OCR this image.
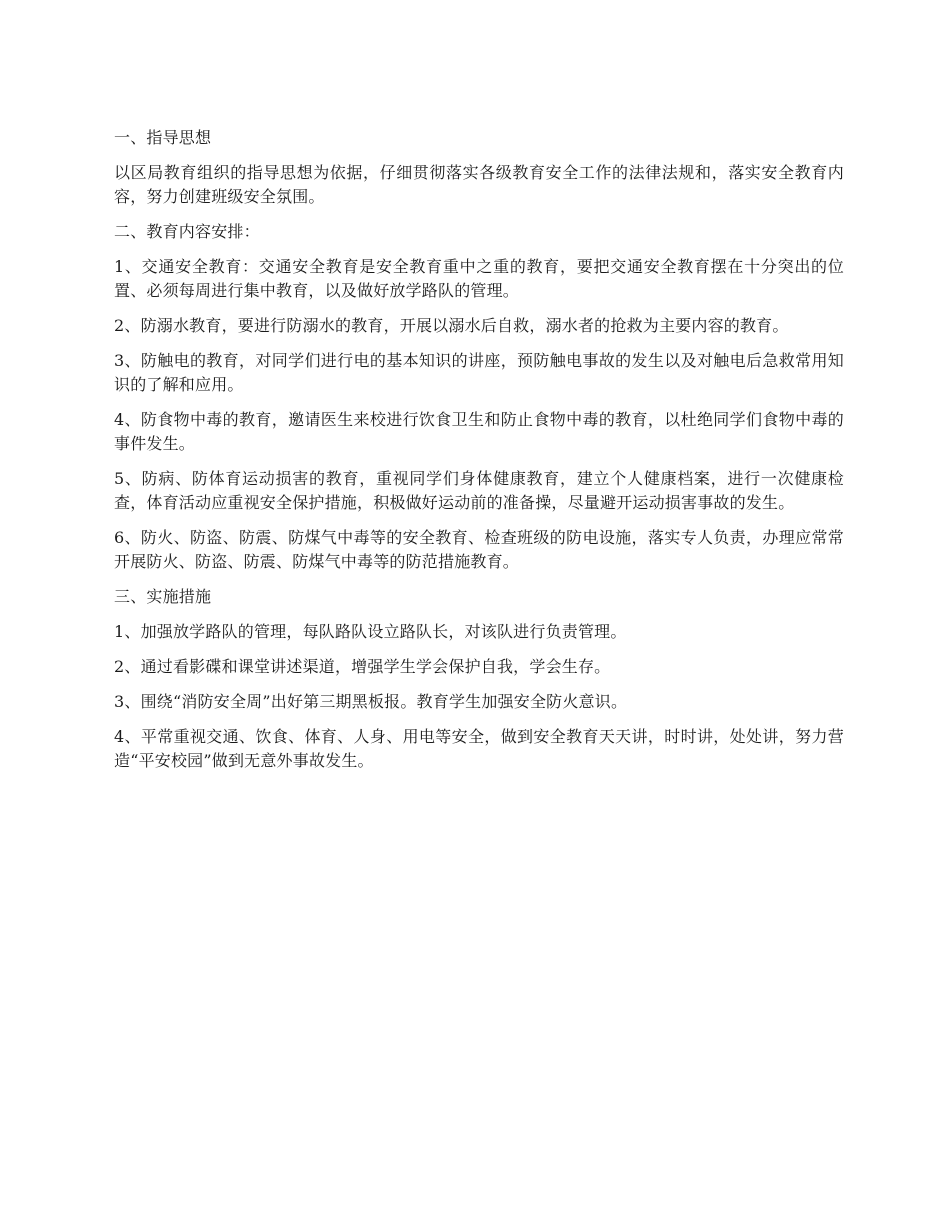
一、指导思想

以区局教育组织的指导思想为依据，仔细贯彻落实各级教育安全工作的法律法规和，落实安全教育内容，努力创建班级安全氛围。

二、教育内容安排：

1、交通安全教育：交通安全教育是安全教育重中之重的教育，要把交通安全教育摆在十分突出的位置、必须每周进行集中教育，以及做好放学路队的管理。

2、防溺水教育，要进行防溺水的教育，开展以溺水后自救，溺水者的抢救为主要内容的教育。

3、防触电的教育，对同学们进行电的基本知识的讲座，预防触电事故的发生以及对触电后急救常用知识的了解和应用。

4、防食物中毒的教育，邀请医生来校进行饮食卫生和防止食物中毒的教育，以杜绝同学们食物中毒的事件发生。

5、防病、防体育运动损害的教育，重视同学们身体健康教育，建立个人健康档案，进行一次健康检查，体育活动应重视安全保护措施，积极做好运动前的准备操，尽量避开运动损害事故的发生。

6、防火、防盗、防震、防煤气中毒等的安全教育、检查班级的防电设施，落实专人负责，办理应常常开展防火、防盗、防震、防煤气中毒等的防范措施教育。

三、实施措施

1、加强放学路队的管理，每队路队设立路队长，对该队进行负责管理。

2、通过看影碟和课堂讲述渠道，增强学生学会保护自我，学会生存。

3、围绕“消防安全周”出好第三期黑板报。教育学生加强安全防火意识。

4、平常重视交通、饮食、体育、人身、用电等安全，做到安全教育天天讲，时时讲，处处讲，努力营造“平安校园”做到无意外事故发生。
